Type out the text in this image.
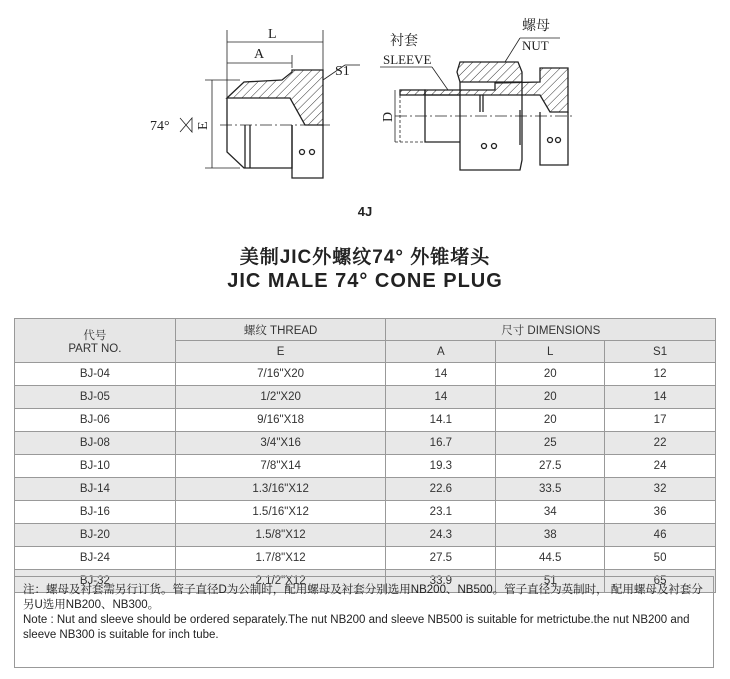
L
A
S1
74° E
D
衬套
SLEEVE
螺母
NUT
4J
美制JIC外螺纹74° 外锥堵头
JIC MALE 74° CONE PLUG
代号
PART NO.	螺纹 THREAD	尺寸 DIMENSIONS		
	E	A	L	S1
BJ-04	7/16"X20	14	20	12
BJ-05	1/2"X20	14	20	14
BJ-06	9/16"X18	14.1	20	17
BJ-08	3/4"X16	16.7	25	22
BJ-10	7/8"X14	19.3	27.5	24
BJ-14	1.3/16"X12	22.6	33.5	32
BJ-16	1.5/16"X12	23.1	34	36
BJ-20	1.5/8"X12	24.3	38	46
BJ-24	1.7/8"X12	27.5	44.5	50
BJ-32	2.1/2"X12	33.9	51	65
注：螺母及衬套需另行订货。管子直径D为公制时，配用螺母及衬套分别选用NB200、NB500。管子直径为英制时， 配用螺母及衬套分另U选用NB200、NB300。
Note : Nut and sleeve should be ordered separately.The nut NB200 and sleeve NB500 is suitable for metrictube.the nut NB200 and sleeve NB300 is suitable for inch tube.
